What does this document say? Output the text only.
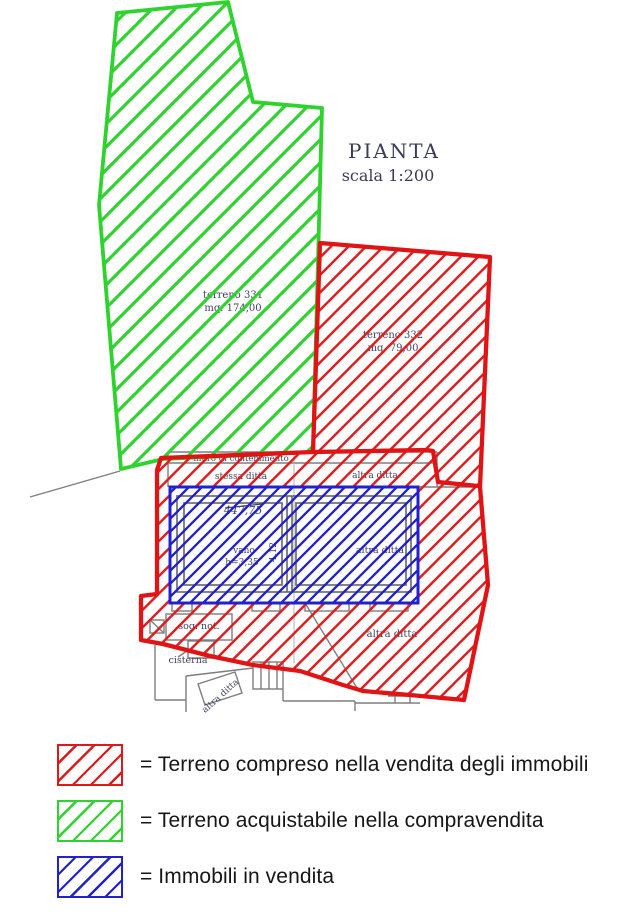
cisterna
altra ditta
PIANTA
scala 1:200
= Terreno compreso nella vendita degli immobili
= Terreno acquistabile nella compravendita
= Immobili in vendita
